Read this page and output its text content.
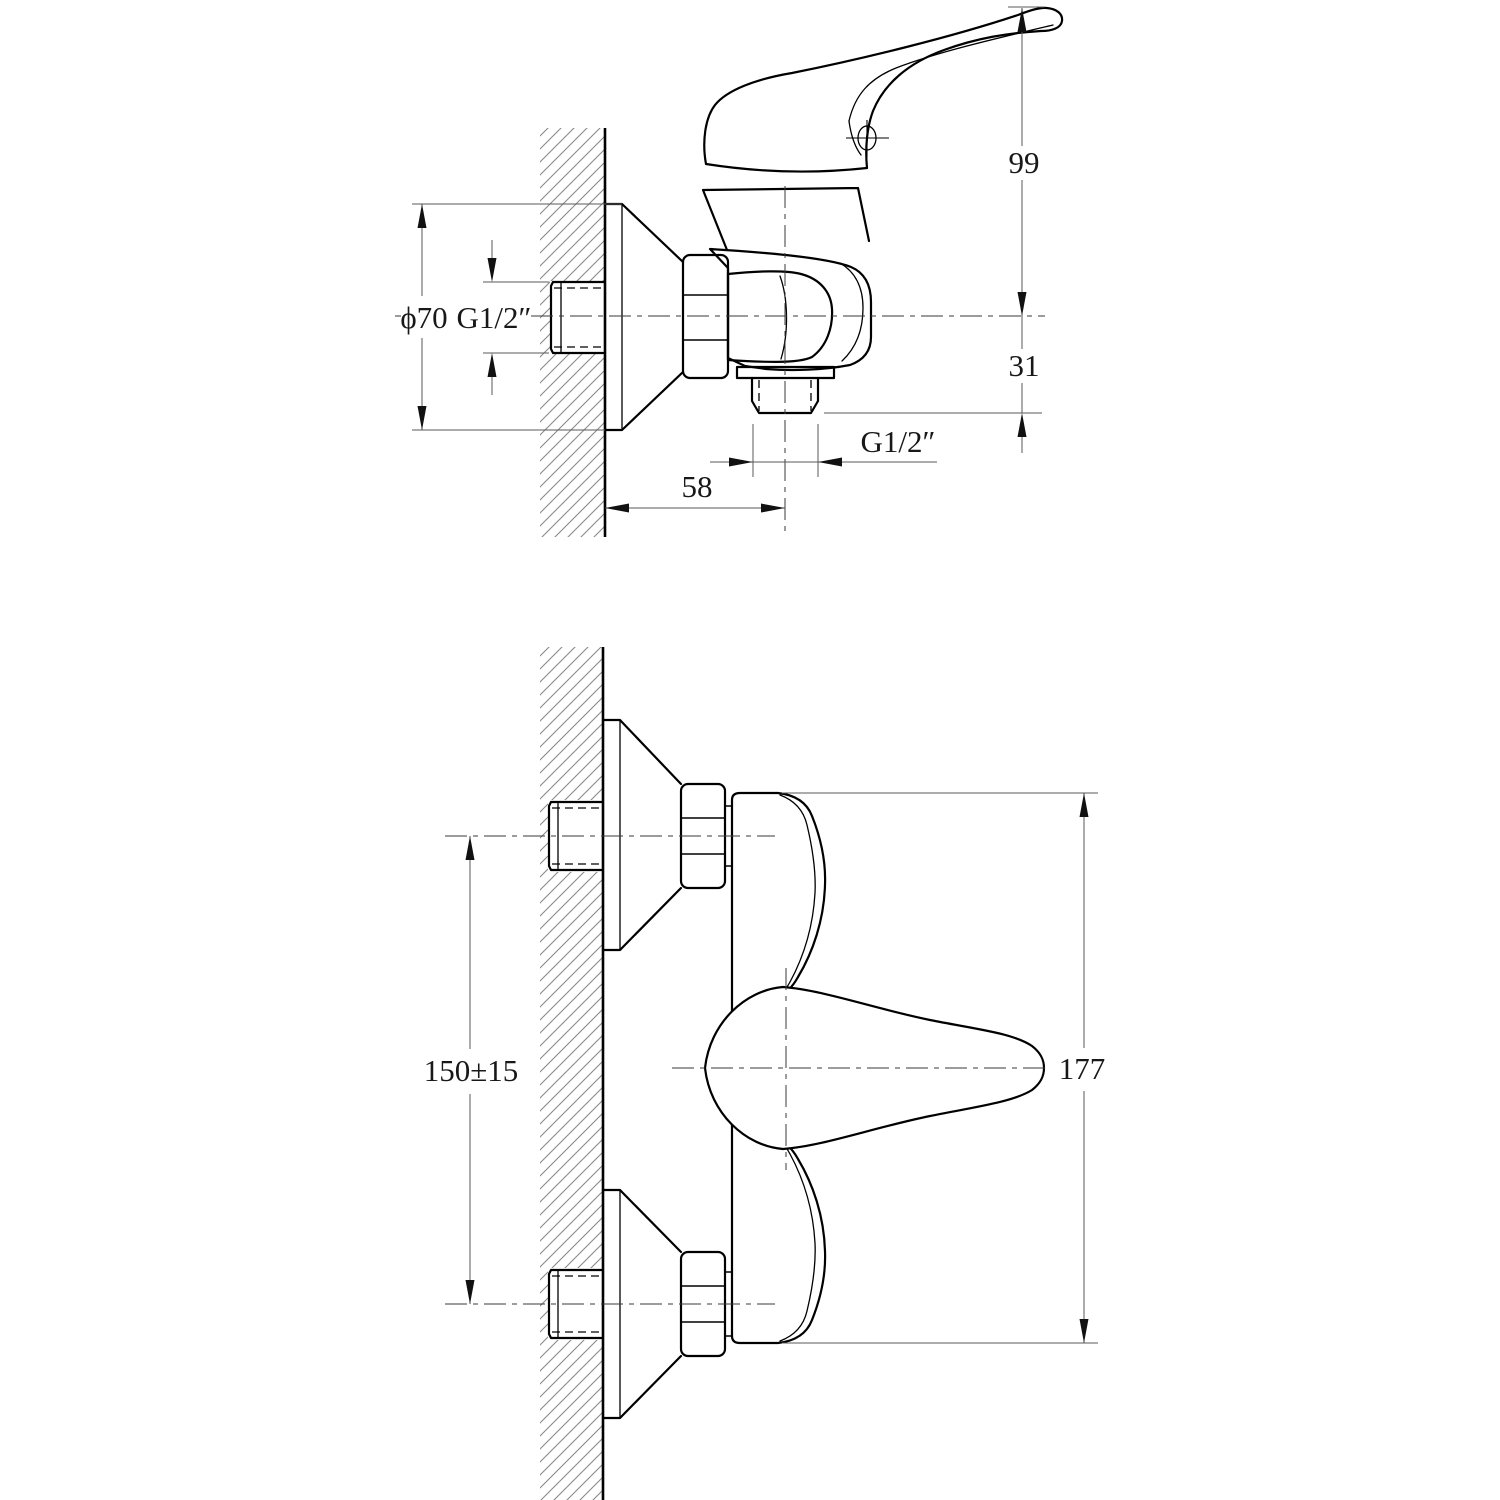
ϕ70 G1/2″
99
31
G1/2″
58
150±15	177
